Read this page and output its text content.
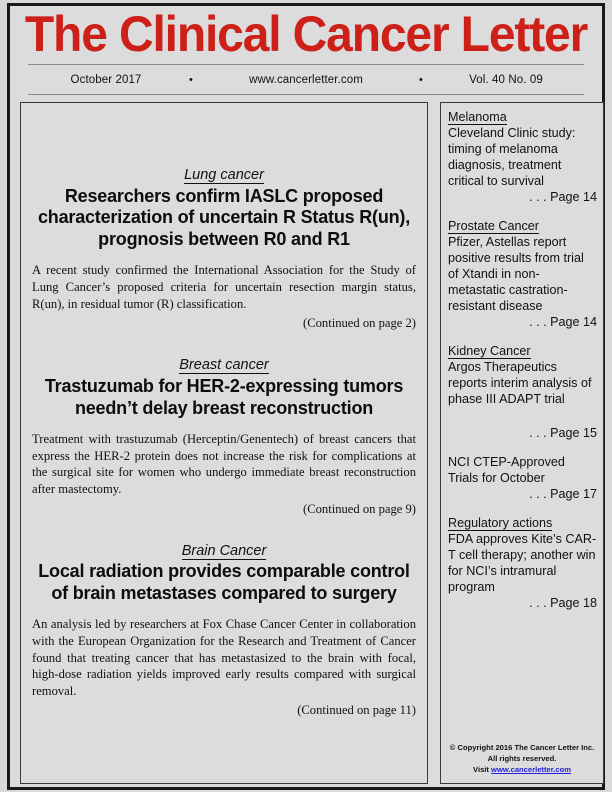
The Clinical Cancer Letter
October 2017	•	www.cancerletter.com	•	Vol. 40 No. 09
Lung cancer
Researchers confirm IASLC proposed characterization of uncertain R Status R(un), prognosis between R0 and R1

A recent study confirmed the International Association for the Study of Lung Cancer’s proposed criteria for uncertain resection margin status, R(un), in residual tumor (R) classification.

(Continued on page 2)

Breast cancer
Trastuzumab for HER-2-expressing tumors needn’t delay breast reconstruction

Treatment with trastuzumab (Herceptin/Genentech) of breast cancers that express the HER-2 protein does not increase the risk for complications at the surgical site for women who undergo immediate breast reconstruction after mastectomy.

(Continued on page 9)

Brain Cancer
Local radiation provides comparable control of brain metastases compared to surgery

An analysis led by researchers at Fox Chase Cancer Center in collaboration with the European Organization for the Research and Treatment of Cancer found that treating cancer that has metastasized to the brain with focal, high-dose radiation yields improved early results compared with surgical removal.

(Continued on page 11)

Melanoma
Cleveland Clinic study: timing of melanoma diagnosis, treatment critical to survival
. . . Page 14
Prostate Cancer
Pfizer, Astellas report positive results from trial of Xtandi in non-metastatic castration-resistant disease
. . . Page 14
Kidney Cancer
Argos Therapeutics reports interim analysis of phase III ADAPT trial
. . . Page 15
NCI CTEP-Approved Trials for October
. . . Page 17
Regulatory actions
FDA approves Kite’s CAR-T cell therapy; another win for NCI’s intramural program
. . . Page 18
© Copyright 2016 The Cancer Letter Inc.
All rights reserved.
Visit www.cancerletter.com
